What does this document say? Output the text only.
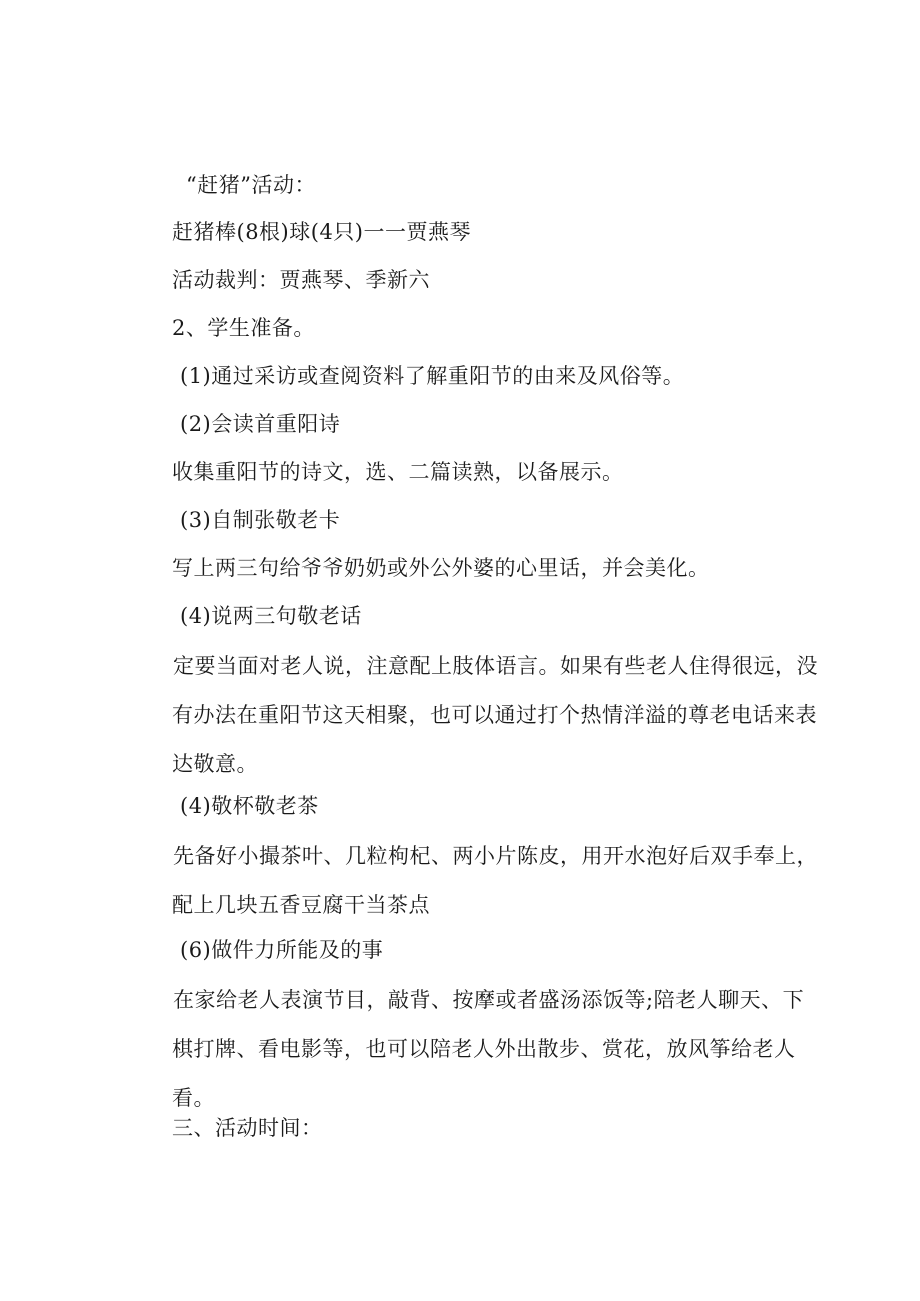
“赶猪”活动：
赶猪棒(8根)球(4只)一一贾燕琴
活动裁判：贾燕琴、季新六
2、学生准备。
(1)通过采访或查阅资料了解重阳节的由来及风俗等。
(2)会读首重阳诗
收集重阳节的诗文，选、二篇读熟，以备展示。
(3)自制张敬老卡
写上两三句给爷爷奶奶或外公外婆的心里话，并会美化。
(4)说两三句敬老话
定要当面对老人说，注意配上肢体语言。如果有些老人住得很远，没有办法在重阳节这天相聚，也可以通过打个热情洋溢的尊老电话来表达敬意。
(4)敬杯敬老茶
先备好小撮茶叶、几粒枸杞、两小片陈皮，用开水泡好后双手奉上，配上几块五香豆腐干当茶点
(6)做件力所能及的事
在家给老人表演节目，敲背、按摩或者盛汤添饭等;陪老人聊天、下棋打牌、看电影等，也可以陪老人外出散步、赏花，放风筝给老人看。
三、活动时间：
